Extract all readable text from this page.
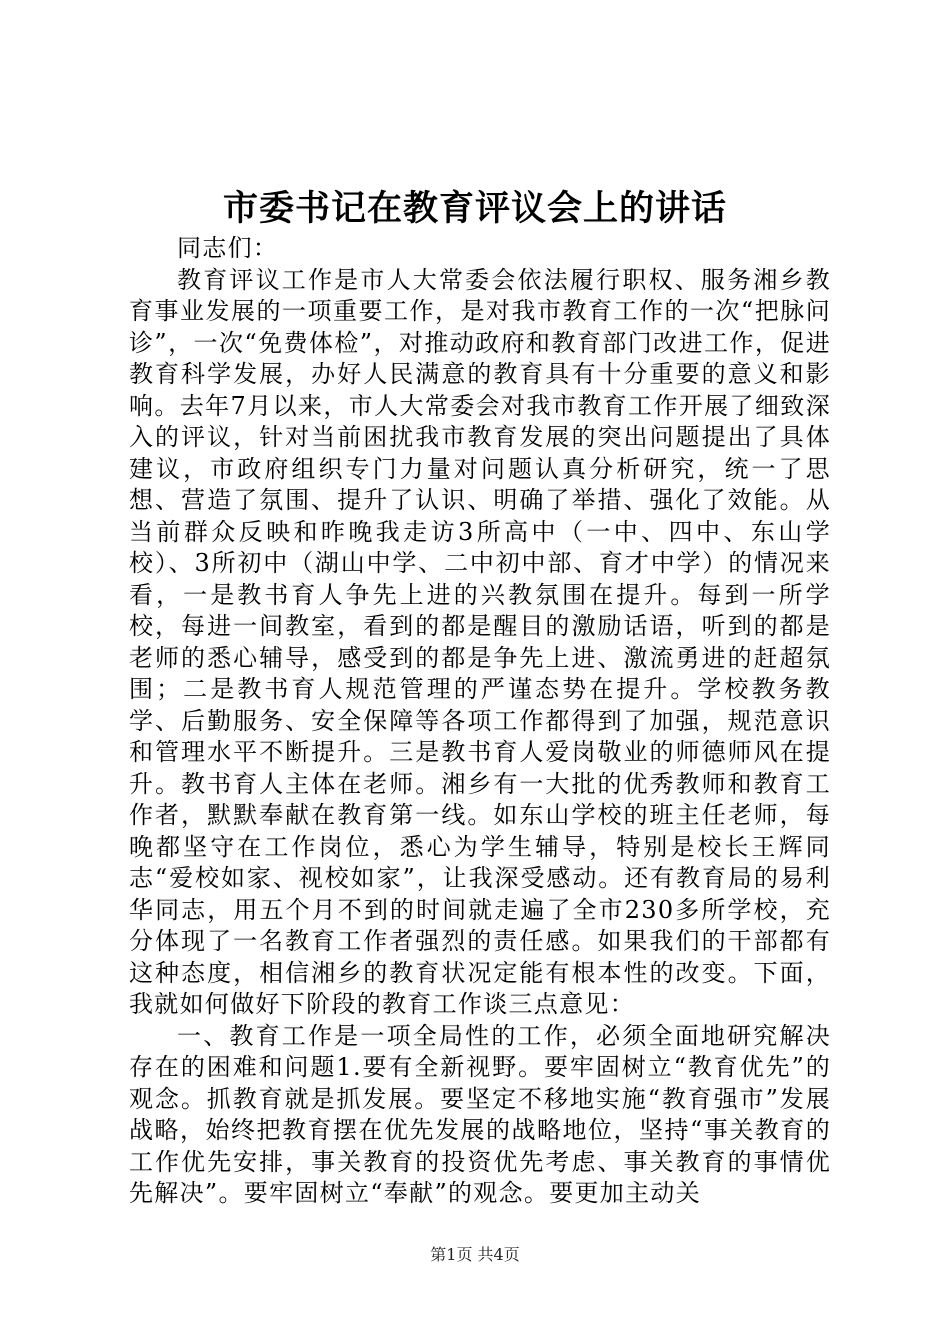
市委书记在教育评议会上的讲话

同志们：

教育评议工作是市人大常委会依法履行职权、服务湘乡教育事业发展的一项重要工作，是对我市教育工作的一次“把脉问诊”，一次“免费体检”，对推动政府和教育部门改进工作，促进教育科学发展，办好人民满意的教育具有十分重要的意义和影响。去年7月以来，市人大常委会对我市教育工作开展了细致深入的评议，针对当前困扰我市教育发展的突出问题提出了具体建议，市政府组织专门力量对问题认真分析研究，统一了思想、营造了氛围、提升了认识、明确了举措、强化了效能。从当前群众反映和昨晚我走访3所高中（一中、四中、东山学校）、3所初中（湖山中学、二中初中部、育才中学）的情况来看，一是教书育人争先上进的兴教氛围在提升。每到一所学校，每进一间教室，看到的都是醒目的激励话语，听到的都是老师的悉心辅导，感受到的都是争先上进、激流勇进的赶超氛围；二是教书育人规范管理的严谨态势在提升。学校教务教学、后勤服务、安全保障等各项工作都得到了加强，规范意识和管理水平不断提升。三是教书育人爱岗敬业的师德师风在提升。教书育人主体在老师。湘乡有一大批的优秀教师和教育工作者，默默奉献在教育第一线。如东山学校的班主任老师，每晚都坚守在工作岗位，悉心为学生辅导，特别是校长王辉同志“爱校如家、视校如家”，让我深受感动。还有教育局的易利华同志，用五个月不到的时间就走遍了全市230多所学校，充分体现了一名教育工作者强烈的责任感。如果我们的干部都有这种态度，相信湘乡的教育状况定能有根本性的改变。下面，我就如何做好下阶段的教育工作谈三点意见：

一、教育工作是一项全局性的工作，必须全面地研究解决存在的困难和问题1.要有全新视野。要牢固树立“教育优先”的观念。抓教育就是抓发展。要坚定不移地实施“教育强市”发展战略，始终把教育摆在优先发展的战略地位，坚持“事关教育的工作优先安排，事关教育的投资优先考虑、事关教育的事情优先解决”。要牢固树立“奉献”的观念。要更加主动关

第1页 共4页
